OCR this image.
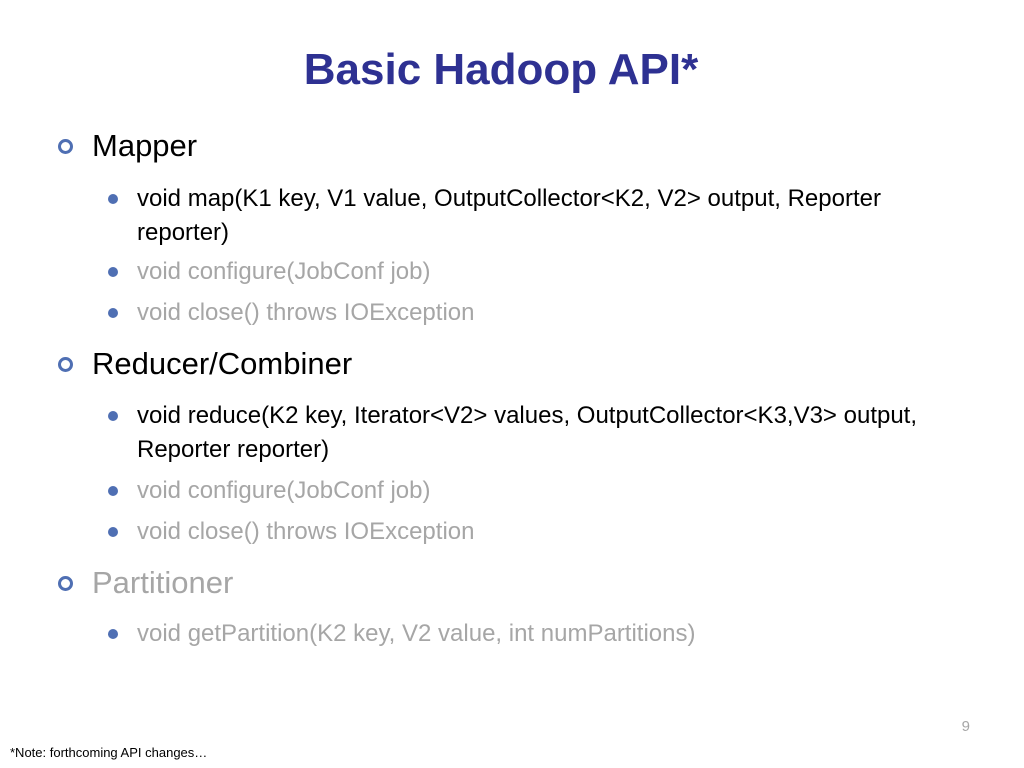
Basic Hadoop API*
Mapper
void map(K1 key, V1 value, OutputCollector<K2, V2> output, Reporter reporter)
void configure(JobConf job)
void close() throws IOException
Reducer/Combiner
void reduce(K2 key, Iterator<V2> values, OutputCollector<K3,V3> output, Reporter reporter)
void configure(JobConf job)
void close() throws IOException
Partitioner
void getPartition(K2 key, V2 value, int numPartitions)
9
*Note: forthcoming API changes…
